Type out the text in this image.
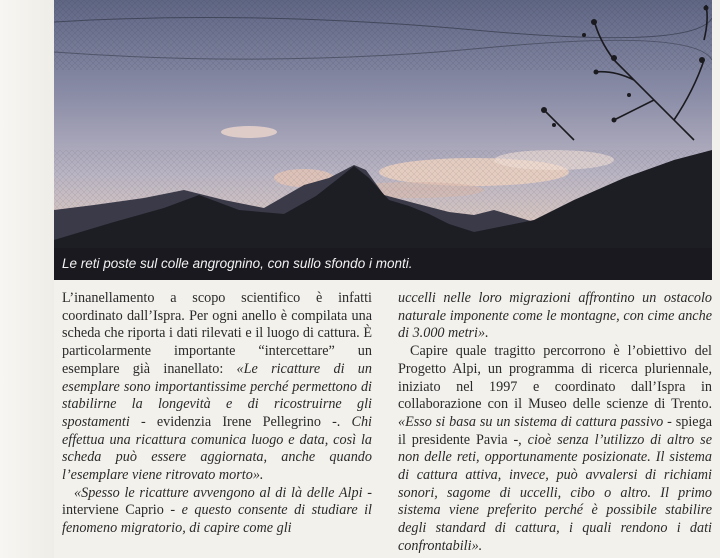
Le reti poste sul colle angrognino, con sullo sfondo i monti.

L’inanellamento a scopo scientifico è infatti coordinato dall’Ispra. Per ogni anello è compilata una scheda che riporta i dati rilevati e il luogo di cattura. È particolarmente importante “intercettare” un esemplare già inanellato: «Le ricatture di un esemplare sono importantissime perché permettono di stabilirne la longevità e di ricostruirne gli spostamenti - evidenzia Irene Pellegrino -. Chi effettua una ricattura comunica luogo e data, così la scheda può essere aggiornata, anche quando l’esemplare viene ritrovato morto».

«Spesso le ricatture avvengono al di là delle Alpi - interviene Caprio - e questo consente di studiare il fenomeno migratorio, di capire come gli

uccelli nelle loro migrazioni affrontino un ostacolo naturale imponente come le montagne, con cime anche di 3.000 metri».

Capire quale tragitto percorrono è l’obiettivo del Progetto Alpi, un programma di ricerca pluriennale, iniziato nel 1997 e coordinato dall’Ispra in collaborazione con il Museo delle scienze di Trento. «Esso si basa su un sistema di cattura passivo - spiega il presidente Pavia -, cioè senza l’utilizzo di altro se non delle reti, opportunamente posizionate. Il sistema di cattura attiva, invece, può avvalersi di richiami sonori, sagome di uccelli, cibo o altro. Il primo sistema viene preferito perché è possibile stabilire degli standard di cattura, i quali rendono i dati confrontabili».
